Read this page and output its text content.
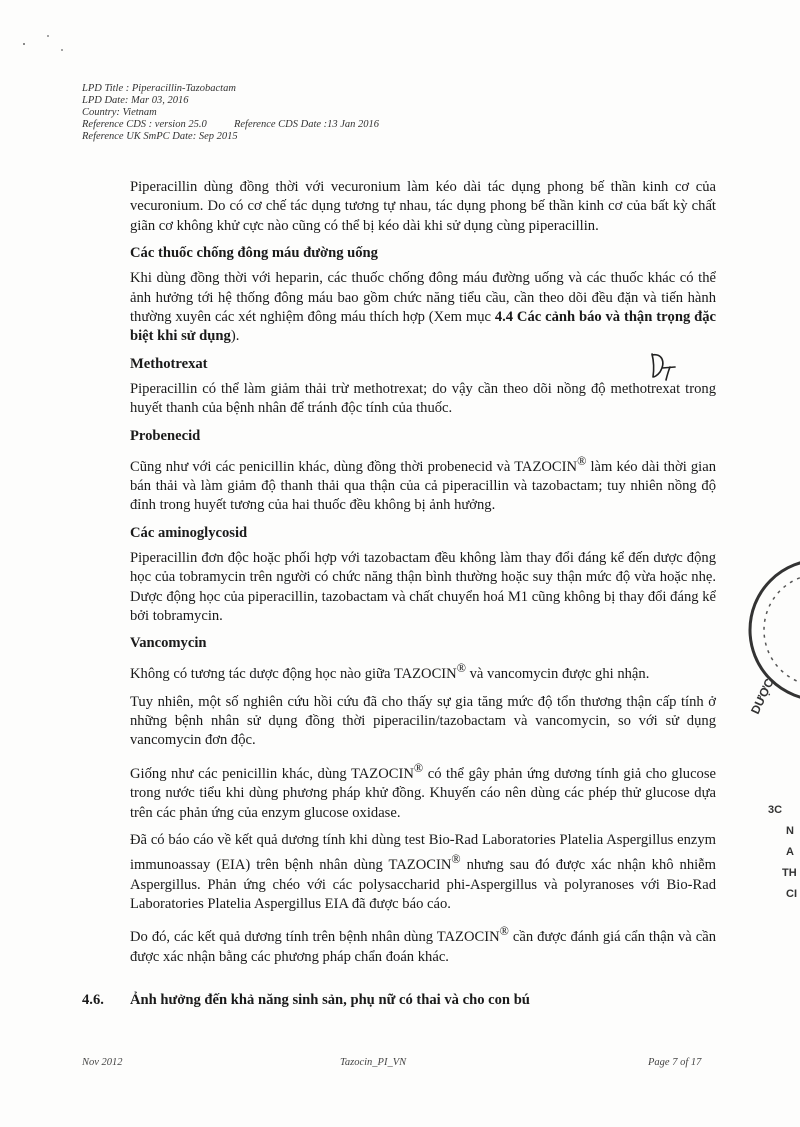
LPD Title : Piperacillin-Tazobactam
LPD Date: Mar 03, 2016
Country: Vietnam
Reference CDS : version 25.0	Reference CDS Date :13 Jan 2016
Reference UK SmPC Date: Sep 2015

Piperacillin dùng đồng thời với vecuronium làm kéo dài tác dụng phong bế thần kinh cơ của vecuronium. Do có cơ chế tác dụng tương tự nhau, tác dụng phong bế thần kinh cơ của bất kỳ chất giãn cơ không khử cực nào cũng có thể bị kéo dài khi sử dụng cùng piperacillin.

Các thuốc chống đông máu đường uống

Khi dùng đồng thời với heparin, các thuốc chống đông máu đường uống và các thuốc khác có thể ảnh hưởng tới hệ thống đông máu bao gồm chức năng tiểu cầu, cần theo dõi đều đặn và tiến hành thường xuyên các xét nghiệm đông máu thích hợp (Xem mục 4.4 Các cảnh báo và thận trọng đặc biệt khi sử dụng).

Methotrexat

Piperacillin có thể làm giảm thải trừ methotrexat; do vậy cần theo dõi nồng độ methotrexat trong huyết thanh của bệnh nhân để tránh độc tính của thuốc.

Probenecid

Cũng như với các penicillin khác, dùng đồng thời probenecid và TAZOCIN® làm kéo dài thời gian bán thải và làm giảm độ thanh thải qua thận của cả piperacillin và tazobactam; tuy nhiên nồng độ đỉnh trong huyết tương của hai thuốc đều không bị ảnh hưởng.

Các aminoglycosid

Piperacillin đơn độc hoặc phối hợp với tazobactam đều không làm thay đổi đáng kể đến dược động học của tobramycin trên người có chức năng thận bình thường hoặc suy thận mức độ vừa hoặc nhẹ. Dược động học của piperacillin, tazobactam và chất chuyển hoá M1 cũng không bị thay đổi đáng kể bởi tobramycin.

Vancomycin

Không có tương tác dược động học nào giữa TAZOCIN® và vancomycin được ghi nhận.

Tuy nhiên, một số nghiên cứu hồi cứu đã cho thấy sự gia tăng mức độ tổn thương thận cấp tính ở những bệnh nhân sử dụng đồng thời piperacilin/tazobactam và vancomycin, so với sử dụng vancomycin đơn độc.

Giống như các penicillin khác, dùng TAZOCIN® có thể gây phản ứng dương tính giả cho glucose trong nước tiểu khi dùng phương pháp khử đồng. Khuyến cáo nên dùng các phép thử glucose dựa trên các phản ứng của enzym glucose oxidase.

Đã có báo cáo về kết quả dương tính khi dùng test Bio-Rad Laboratories Platelia Aspergillus enzym immunoassay (EIA) trên bệnh nhân dùng TAZOCIN® nhưng sau đó được xác nhận khô nhiễm Aspergillus. Phản ứng chéo với các polysaccharid phi-Aspergillus và polyranoses với Bio-Rad Laboratories Platelia Aspergillus EIA đã được báo cáo.

Do đó, các kết quả dương tính trên bệnh nhân dùng TAZOCIN® cần được đánh giá cẩn thận và cần được xác nhận bằng các phương pháp chẩn đoán khác.

4.6. Ảnh hưởng đến khả năng sinh sản, phụ nữ có thai và cho con bú
DƯỢC
3C
N
A
TH
CI
Nov 2012	Tazocin_PI_VN	Page 7 of 17
